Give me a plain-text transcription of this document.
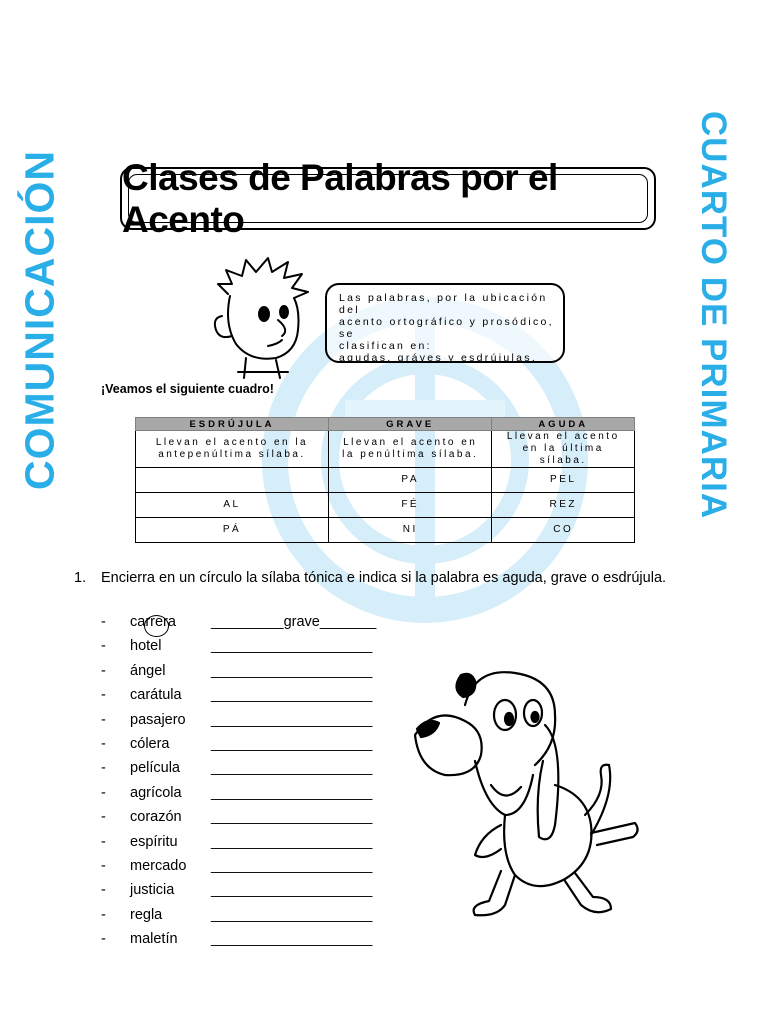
COMUNICACIÓN	CUARTO DE PRIMARIA
Clases de Palabras por el Acento
Las palabras, por la ubicación del
acento ortográfico y prosódico, se
clasifican en:
agudas, gráves y esdrújulas.
¡Veamos el siguiente cuadro!
ESDRÚJULA	GRAVE	AGUDA
Llevan el acento en la antepenúltima sílaba.	Llevan el acento en la penúltima sílaba.	Llevan el acento en la última sílaba.
	PA	PEL
AL	FÉ	REZ
PÁ	NI	CO
1. Encierra en un círculo la sílaba tónica e indica si la palabra es aguda, grave o esdrújula.
- carrera _________grave_______
- hotel	____________________
- ángel	____________________
- carátula ____________________
- pasajero ____________________
- cólera	____________________
- película ____________________
- agrícola ____________________
- corazón ____________________
- espíritu ____________________
- mercado ____________________
- justicia	____________________
- regla	____________________
- maletín ____________________
